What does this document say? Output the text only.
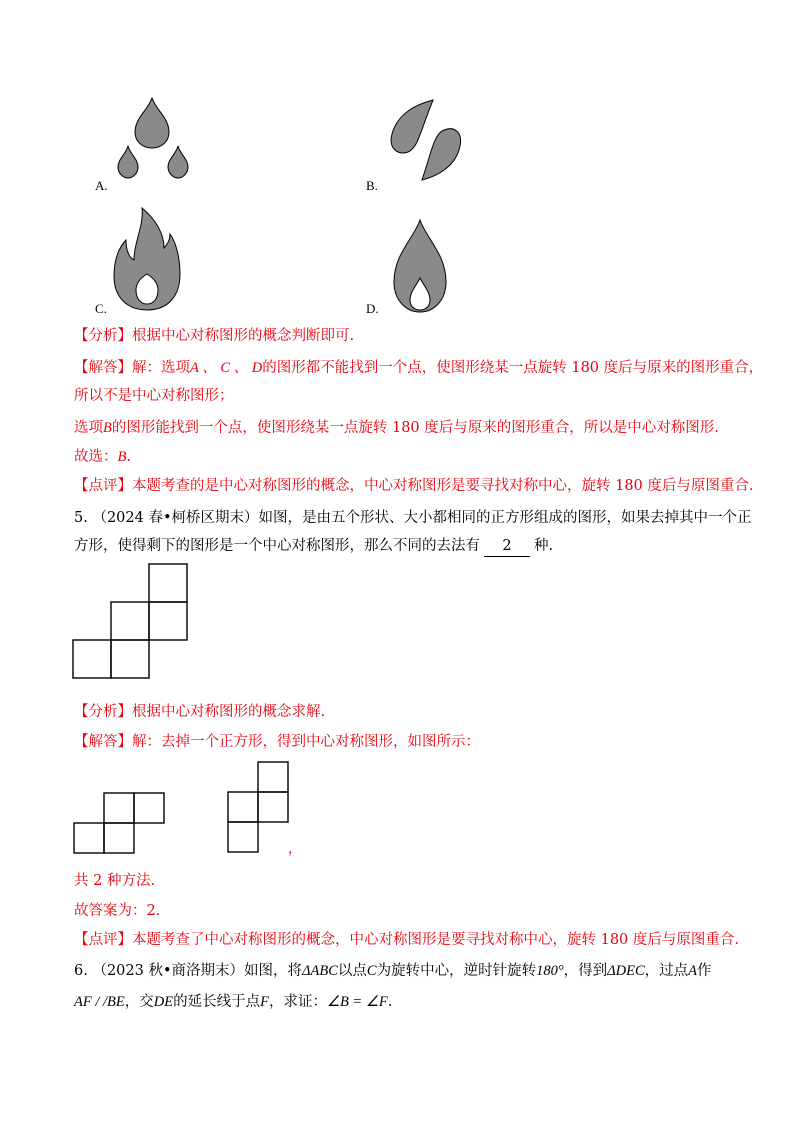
A.	B.
C.	D.
【分析】根据中心对称图形的概念判断即可.
【解答】解：选项A 、 C 、 D的图形都不能找到一个点，使图形绕某一点旋转 180 度后与原来的图形重合，
所以不是中心对称图形；
选项B的图形能找到一个点，使图形绕某一点旋转 180 度后与原来的图形重合，所以是中心对称图形.
故选：B.
【点评】本题考查的是中心对称图形的概念，中心对称图形是要寻找对称中心，旋转 180 度后与原图重合.
5. （2024 春•柯桥区期末）如图，是由五个形状、大小都相同的正方形组成的图形，如果去掉其中一个正
方形，使得剩下的图形是一个中心对称图形，那么不同的去法有 2 种.
【分析】根据中心对称图形的概念求解.
【解答】解：去掉一个正方形，得到中心对称图形，如图所示：
，
共 2 种方法.
故答案为：2.
【点评】本题考查了中心对称图形的概念，中心对称图形是要寻找对称中心，旋转 180 度后与原图重合.
6. （2023 秋•商洛期末）如图，将ΔABC以点C为旋转中心，逆时针旋转180°，得到ΔDEC，过点A作
AF / /BE，交DE的延长线于点F，求证：∠B = ∠F.
